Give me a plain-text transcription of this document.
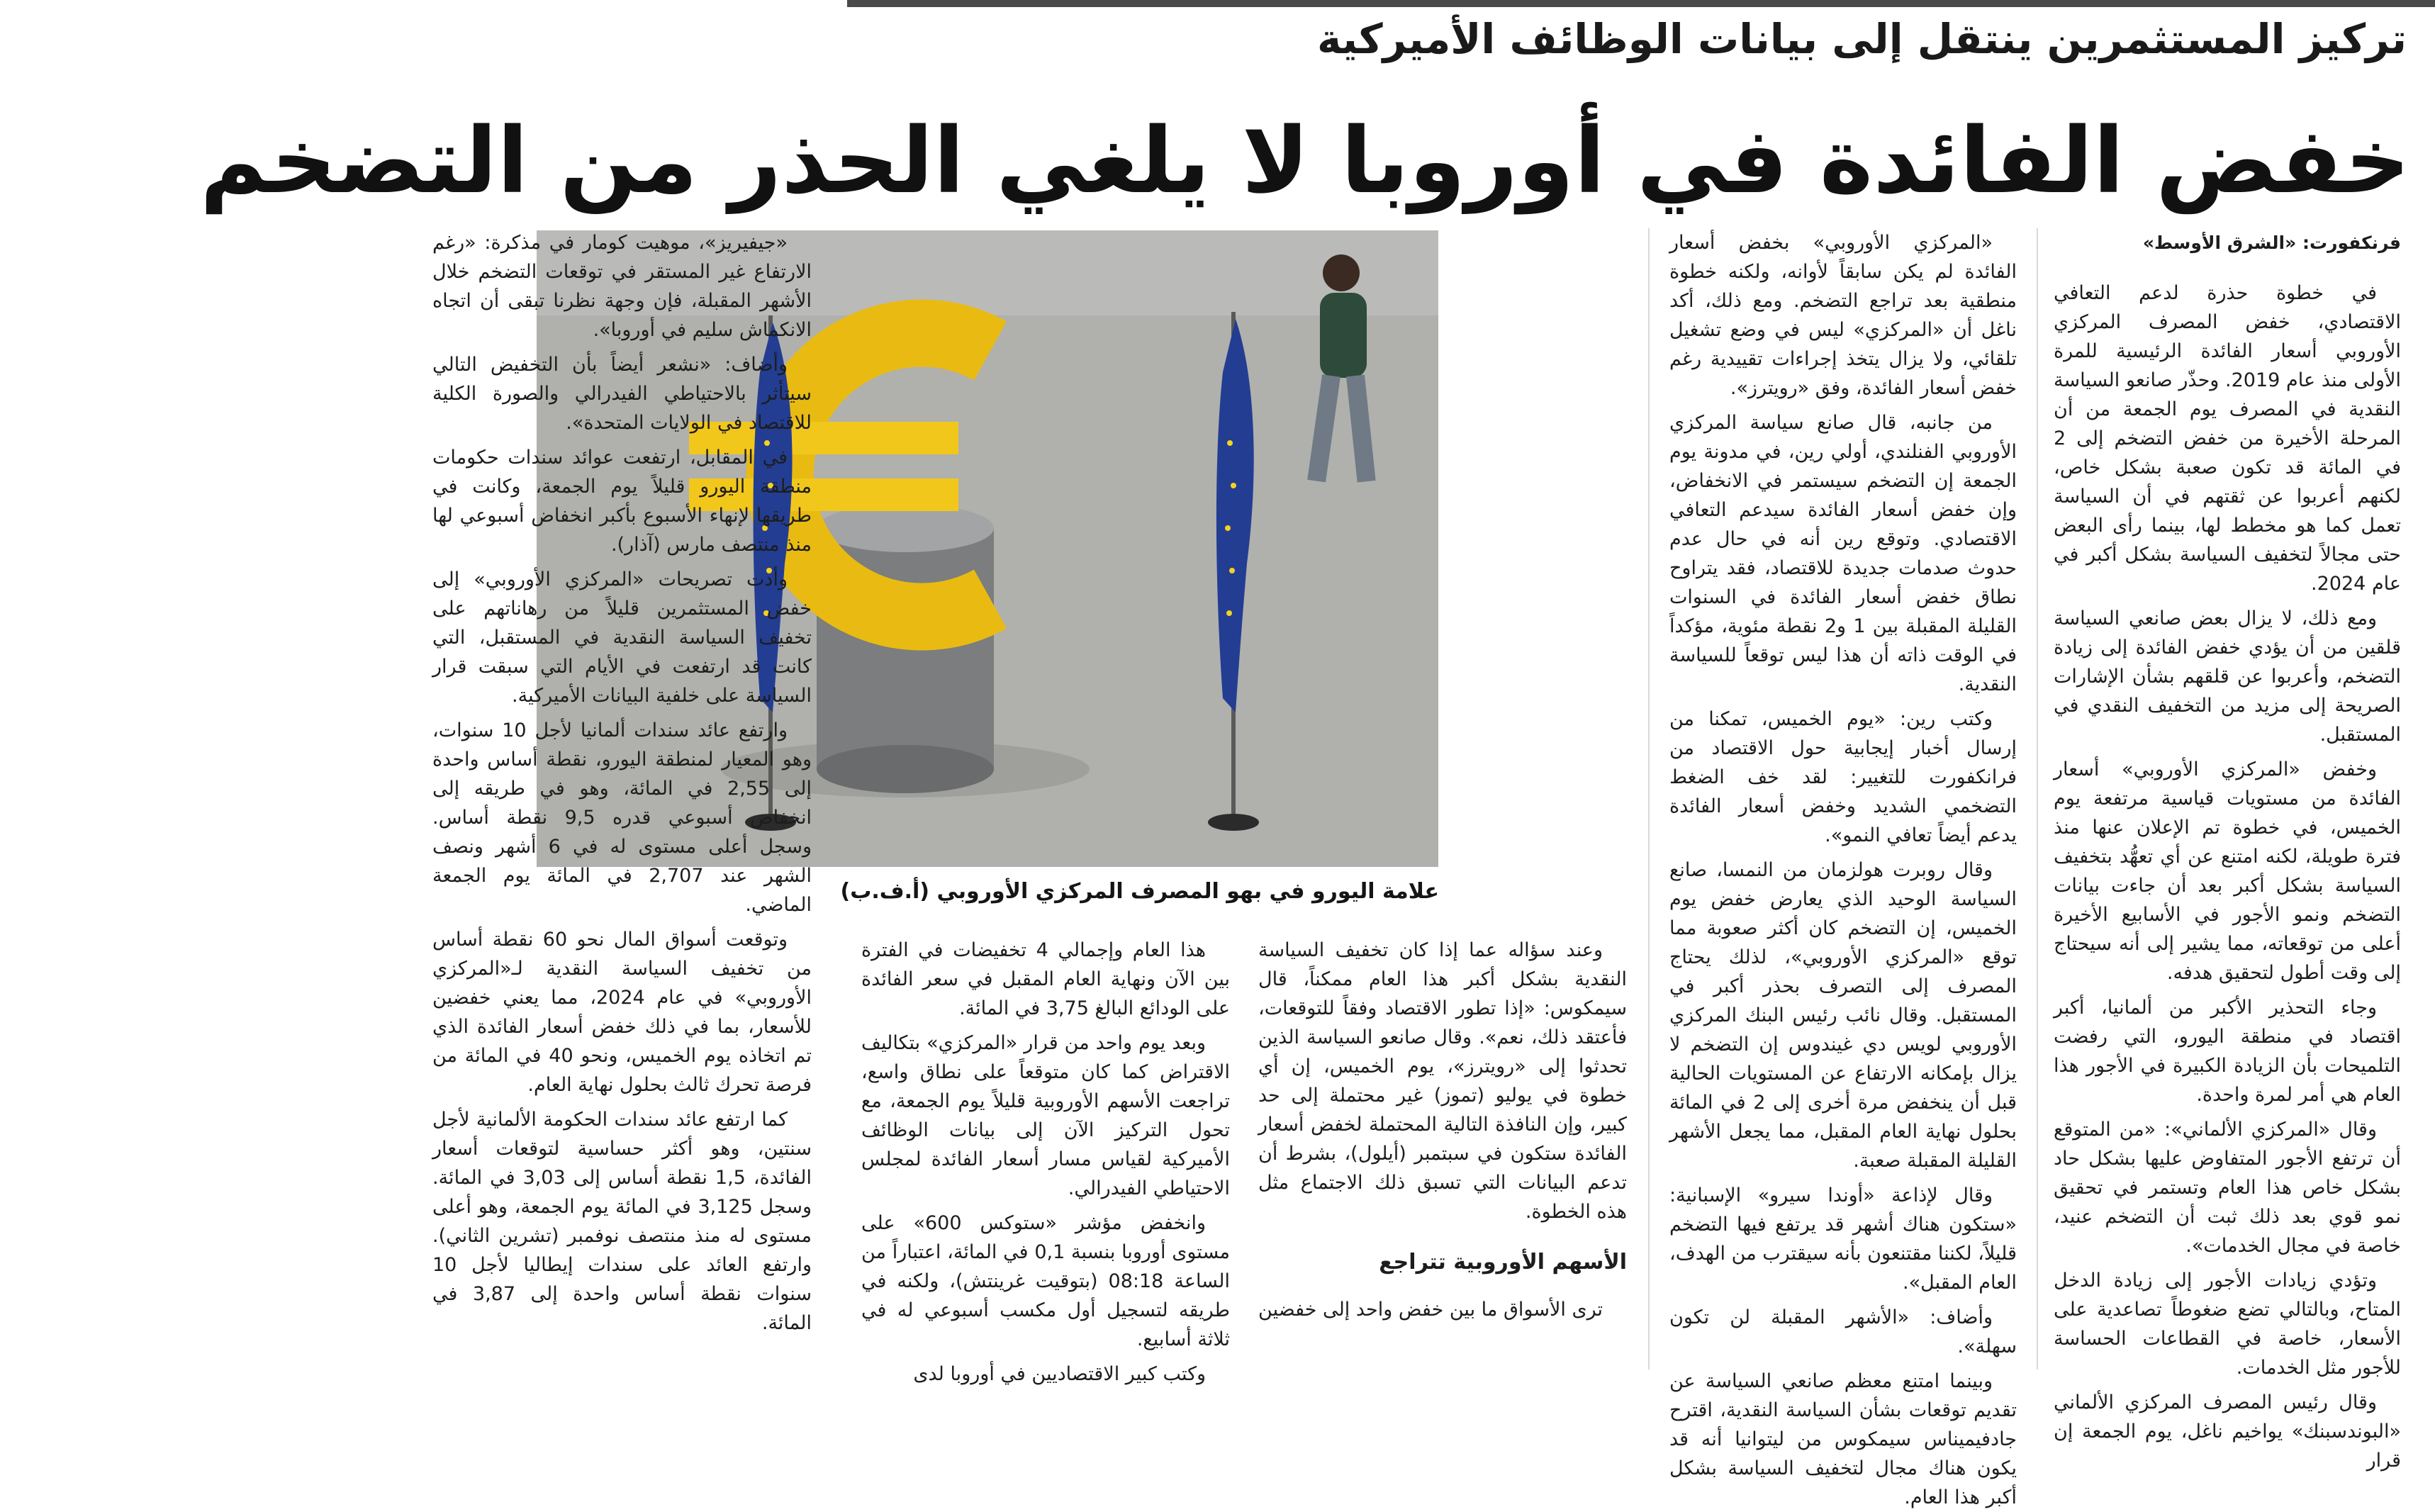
تركيز المستثمرين ينتقل إلى بيانات الوظائف الأميركية
خفض الفائدة في أوروبا لا يلغي الحذر من التضخم

فرنكفورت: «الشرق الأوسط»

في خطوة حذرة لدعم التعافي الاقتصادي، خفض المصرف المركزي الأوروبي أسعار الفائدة الرئيسية للمرة الأولى منذ عام 2019. وحذّر صانعو السياسة النقدية في المصرف يوم الجمعة من أن المرحلة الأخيرة من خفض التضخم إلى 2 في المائة قد تكون صعبة بشكل خاص، لكنهم أعربوا عن ثقتهم في أن السياسة تعمل كما هو مخطط لها، بينما رأى البعض حتى مجالاً لتخفيف السياسة بشكل أكبر في عام 2024.

ومع ذلك، لا يزال بعض صانعي السياسة قلقين من أن يؤدي خفض الفائدة إلى زيادة التضخم، وأعربوا عن قلقهم بشأن الإشارات الصريحة إلى مزيد من التخفيف النقدي في المستقبل.

وخفض «المركزي الأوروبي» أسعار الفائدة من مستويات قياسية مرتفعة يوم الخميس، في خطوة تم الإعلان عنها منذ فترة طويلة، لكنه امتنع عن أي تعهُّد بتخفيف السياسة بشكل أكبر بعد أن جاءت بيانات التضخم ونمو الأجور في الأسابيع الأخيرة أعلى من توقعاته، مما يشير إلى أنه سيحتاج إلى وقت أطول لتحقيق هدفه.

وجاء التحذير الأكبر من ألمانيا، أكبر اقتصاد في منطقة اليورو، التي رفضت التلميحات بأن الزيادة الكبيرة في الأجور هذا العام هي أمر لمرة واحدة.

وقال «المركزي الألماني»: «من المتوقع أن ترتفع الأجور المتفاوض عليها بشكل حاد بشكل خاص هذا العام وتستمر في تحقيق نمو قوي بعد ذلك ثبت أن التضخم عنيد، خاصة في مجال الخدمات».

وتؤدي زيادات الأجور إلى زيادة الدخل المتاح، وبالتالي تضع ضغوطاً تصاعدية على الأسعار، خاصة في القطاعات الحساسة للأجور مثل الخدمات.

وقال رئيس المصرف المركزي الألماني «البوندسبنك» يواخيم ناغل، يوم الجمعة إن قرار

«المركزي الأوروبي» بخفض أسعار الفائدة لم يكن سابقاً لأوانه، ولكنه خطوة منطقية بعد تراجع التضخم. ومع ذلك، أكد ناغل أن «المركزي» ليس في وضع تشغيل تلقائي، ولا يزال يتخذ إجراءات تقييدية رغم خفض أسعار الفائدة، وفق «رويترز».

من جانبه، قال صانع سياسة المركزي الأوروبي الفنلندي، أولي رين، في مدونة يوم الجمعة إن التضخم سيستمر في الانخفاض، وإن خفض أسعار الفائدة سيدعم التعافي الاقتصادي. وتوقع رين أنه في حال عدم حدوث صدمات جديدة للاقتصاد، فقد يتراوح نطاق خفض أسعار الفائدة في السنوات القليلة المقبلة بين 1 و2 نقطة مئوية، مؤكداً في الوقت ذاته أن هذا ليس توقعاً للسياسة النقدية.

وكتب رين: «يوم الخميس، تمكنا من إرسال أخبار إيجابية حول الاقتصاد من فرانكفورت للتغيير: لقد خف الضغط التضخمي الشديد وخفض أسعار الفائدة يدعم أيضاً تعافي النمو».

وقال روبرت هولزمان من النمسا، صانع السياسة الوحيد الذي يعارض خفض يوم الخميس، إن التضخم كان أكثر صعوبة مما توقع «المركزي الأوروبي»، لذلك يحتاج المصرف إلى التصرف بحذر أكبر في المستقبل. وقال نائب رئيس البنك المركزي الأوروبي لويس دي غيندوس إن التضخم لا يزال بإمكانه الارتفاع عن المستويات الحالية قبل أن ينخفض مرة أخرى إلى 2 في المائة بحلول نهاية العام المقبل، مما يجعل الأشهر القليلة المقبلة صعبة.

وقال لإذاعة «أوندا سيرو» الإسبانية: «ستكون هناك أشهر قد يرتفع فيها التضخم قليلاً، لكننا مقتنعون بأنه سيقترب من الهدف، العام المقبل».

وأضاف: «الأشهر المقبلة لن تكون سهلة».

وبينما امتنع معظم صانعي السياسة عن تقديم توقعات بشأن السياسة النقدية، اقترح جادفيميناس سيمكوس من ليتوانيا أنه قد يكون هناك مجال لتخفيف السياسة بشكل أكبر هذا العام.

علامة اليورو في بهو المصرف المركزي الأوروبي (أ.ف.ب)

وعند سؤاله عما إذا كان تخفيف السياسة النقدية بشكل أكبر هذا العام ممكناً، قال سيمكوس: «إذا تطور الاقتصاد وفقاً للتوقعات، فأعتقد ذلك، نعم». وقال صانعو السياسة الذين تحدثوا إلى «رويترز»، يوم الخميس، إن أي خطوة في يوليو (تموز) غير محتملة إلى حد كبير، وإن النافذة التالية المحتملة لخفض أسعار الفائدة ستكون في سبتمبر (أيلول)، بشرط أن تدعم البيانات التي تسبق ذلك الاجتماع مثل هذه الخطوة.

الأسهم الأوروبية تتراجع

ترى الأسواق ما بين خفض واحد إلى خفضين

هذا العام وإجمالي 4 تخفيضات في الفترة بين الآن ونهاية العام المقبل في سعر الفائدة على الودائع البالغ 3,75 في المائة.

وبعد يوم واحد من قرار «المركزي» بتكاليف الاقتراض كما كان متوقعاً على نطاق واسع، تراجعت الأسهم الأوروبية قليلاً يوم الجمعة، مع تحول التركيز الآن إلى بيانات الوظائف الأميركية لقياس مسار أسعار الفائدة لمجلس الاحتياطي الفيدرالي.

وانخفض مؤشر «ستوكس 600» على مستوى أوروبا بنسبة 0,1 في المائة، اعتباراً من الساعة 08:18 (بتوقيت غرينتش)، ولكنه في طريقه لتسجيل أول مكسب أسبوعي له في ثلاثة أسابيع.

وكتب كبير الاقتصاديين في أوروبا لدى

«جيفيريز»، موهيت كومار في مذكرة: «رغم الارتفاع غير المستقر في توقعات التضخم خلال الأشهر المقبلة، فإن وجهة نظرنا تبقى أن اتجاه الانكماش سليم في أوروبا».

وأضاف: «نشعر أيضاً بأن التخفيض التالي سيتأثر بالاحتياطي الفيدرالي والصورة الكلية للاقتصاد في الولايات المتحدة».

في المقابل، ارتفعت عوائد سندات حكومات منطقة اليورو قليلاً يوم الجمعة، وكانت في طريقها لإنهاء الأسبوع بأكبر انخفاض أسبوعي لها منذ منتصف مارس (آذار).

وأدت تصريحات «المركزي الأوروبي» إلى خفض المستثمرين قليلاً من رهاناتهم على تخفيف السياسة النقدية في المستقبل، التي كانت قد ارتفعت في الأيام التي سبقت قرار السياسة على خلفية البيانات الأميركية.

وارتفع عائد سندات ألمانيا لأجل 10 سنوات، وهو المعيار لمنطقة اليورو، نقطة أساس واحدة إلى 2,55 في المائة، وهو في طريقه إلى انخفاض أسبوعي قدره 9,5 نقطة أساس. وسجل أعلى مستوى له في 6 أشهر ونصف الشهر عند 2,707 في المائة يوم الجمعة الماضي.

وتوقعت أسواق المال نحو 60 نقطة أساس من تخفيف السياسة النقدية لـ«المركزي الأوروبي» في عام 2024، مما يعني خفضين للأسعار، بما في ذلك خفض أسعار الفائدة الذي تم اتخاذه يوم الخميس، ونحو 40 في المائة من فرصة تحرك ثالث بحلول نهاية العام.

كما ارتفع عائد سندات الحكومة الألمانية لأجل سنتين، وهو أكثر حساسية لتوقعات أسعار الفائدة، 1,5 نقطة أساس إلى 3,03 في المائة. وسجل 3,125 في المائة يوم الجمعة، وهو أعلى مستوى له منذ منتصف نوفمبر (تشرين الثاني). وارتفع العائد على سندات إيطاليا لأجل 10 سنوات نقطة أساس واحدة إلى 3,87 في المائة.
